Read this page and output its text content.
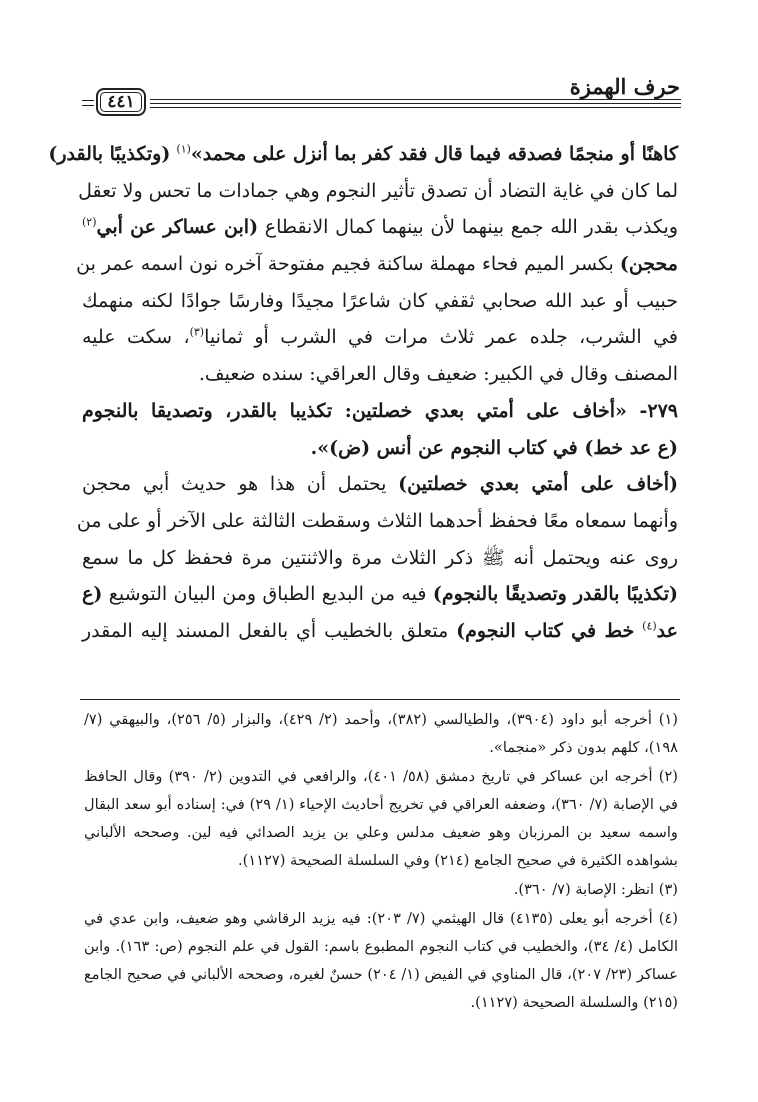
حرف الهمزة
٤٤١
كاهنًا أو منجمًا فصدقه فيما قال فقد كفر بما أنزل على محمد»$^{(١)}$ (وتكذيبًا بالقدر)
لما كان في غاية التضاد أن تصدق تأثير النجوم وهي جمادات ما تحس ولا تعقل
ويكذب بقدر الله جمع بينهما لأن بينهما كمال الانقطاع (ابن عساكر عن أبي$^{(٢)}$
محجن) بكسر الميم فحاء مهملة ساكنة فجيم مفتوحة آخره نون اسمه عمر بن
حبيب أو عبد الله صحابي ثقفي كان شاعرًا مجيدًا وفارسًا جوادًا لكنه منهمك
في الشرب، جلده عمر ثلاث مرات في الشرب أو ثمانيا$^{(٣)}$، سكت عليه
المصنف وقال في الكبير: ضعيف وقال العراقي: سنده ضعيف.
٢٧٩- «أخاف على أمتي بعدي خصلتين: تكذيبا بالقدر، وتصديقا بالنجوم
(ع عد خط) في كتاب النجوم عن أنس (ض)».
(أخاف على أمتي بعدي خصلتين) يحتمل أن هذا هو حديث أبي محجن
وأنهما سمعاه معًا فحفظ أحدهما الثلاث وسقطت الثالثة على الآخر أو على من
روى عنه ويحتمل أنه ﷺ ذكر الثلاث مرة والاثنتين مرة فحفظ كل ما سمع
(تكذيبًا بالقدر وتصديقًا بالنجوم) فيه من البديع الطباق ومن البيان التوشيع (ع
عد$^{(٤)}$ خط في كتاب النجوم) متعلق بالخطيب أي بالفعل المسند إليه المقدر
(١) أخرجه أبو داود (٣٩٠٤)، والطيالسي (٣٨٢)، وأحمد (٢/ ٤٢٩)، والبزار (٥/ ٢٥٦)، والبيهقي (٧/ ١٩٨)، كلهم بدون ذكر «منجما».
(٢) أخرجه ابن عساكر في تاريخ دمشق (٥٨/ ٤٠١)، والرافعي في التدوين (٢/ ٣٩٠) وقال الحافظ في الإصابة (٧/ ٣٦٠)، وضعفه العراقي في تخريج أحاديث الإحياء (١/ ٢٩) في: إسناده أبو سعد البقال واسمه سعيد بن المرزبان وهو ضعيف مدلس وعلي بن يزيد الصدائي فيه لين. وصححه الألباني بشواهده الكثيرة في صحيح الجامع (٢١٤) وفي السلسلة الصحيحة (١١٢٧).
(٣) انظر: الإصابة (٧/ ٣٦٠).
(٤) أخرجه أبو يعلى (٤١٣٥) قال الهيثمي (٧/ ٢٠٣): فيه يزيد الرقاشي وهو ضعيف، وابن عدي في الكامل (٤/ ٣٤)، والخطيب في كتاب النجوم المطبوع باسم: القول في علم النجوم (ص: ١٦٣). وابن عساكر (٢٣/ ٢٠٧)، قال المناوي في الفيض (١/ ٢٠٤) حسنٌ لغيره، وصححه الألباني في صحيح الجامع (٢١٥) والسلسلة الصحيحة (١١٢٧).
